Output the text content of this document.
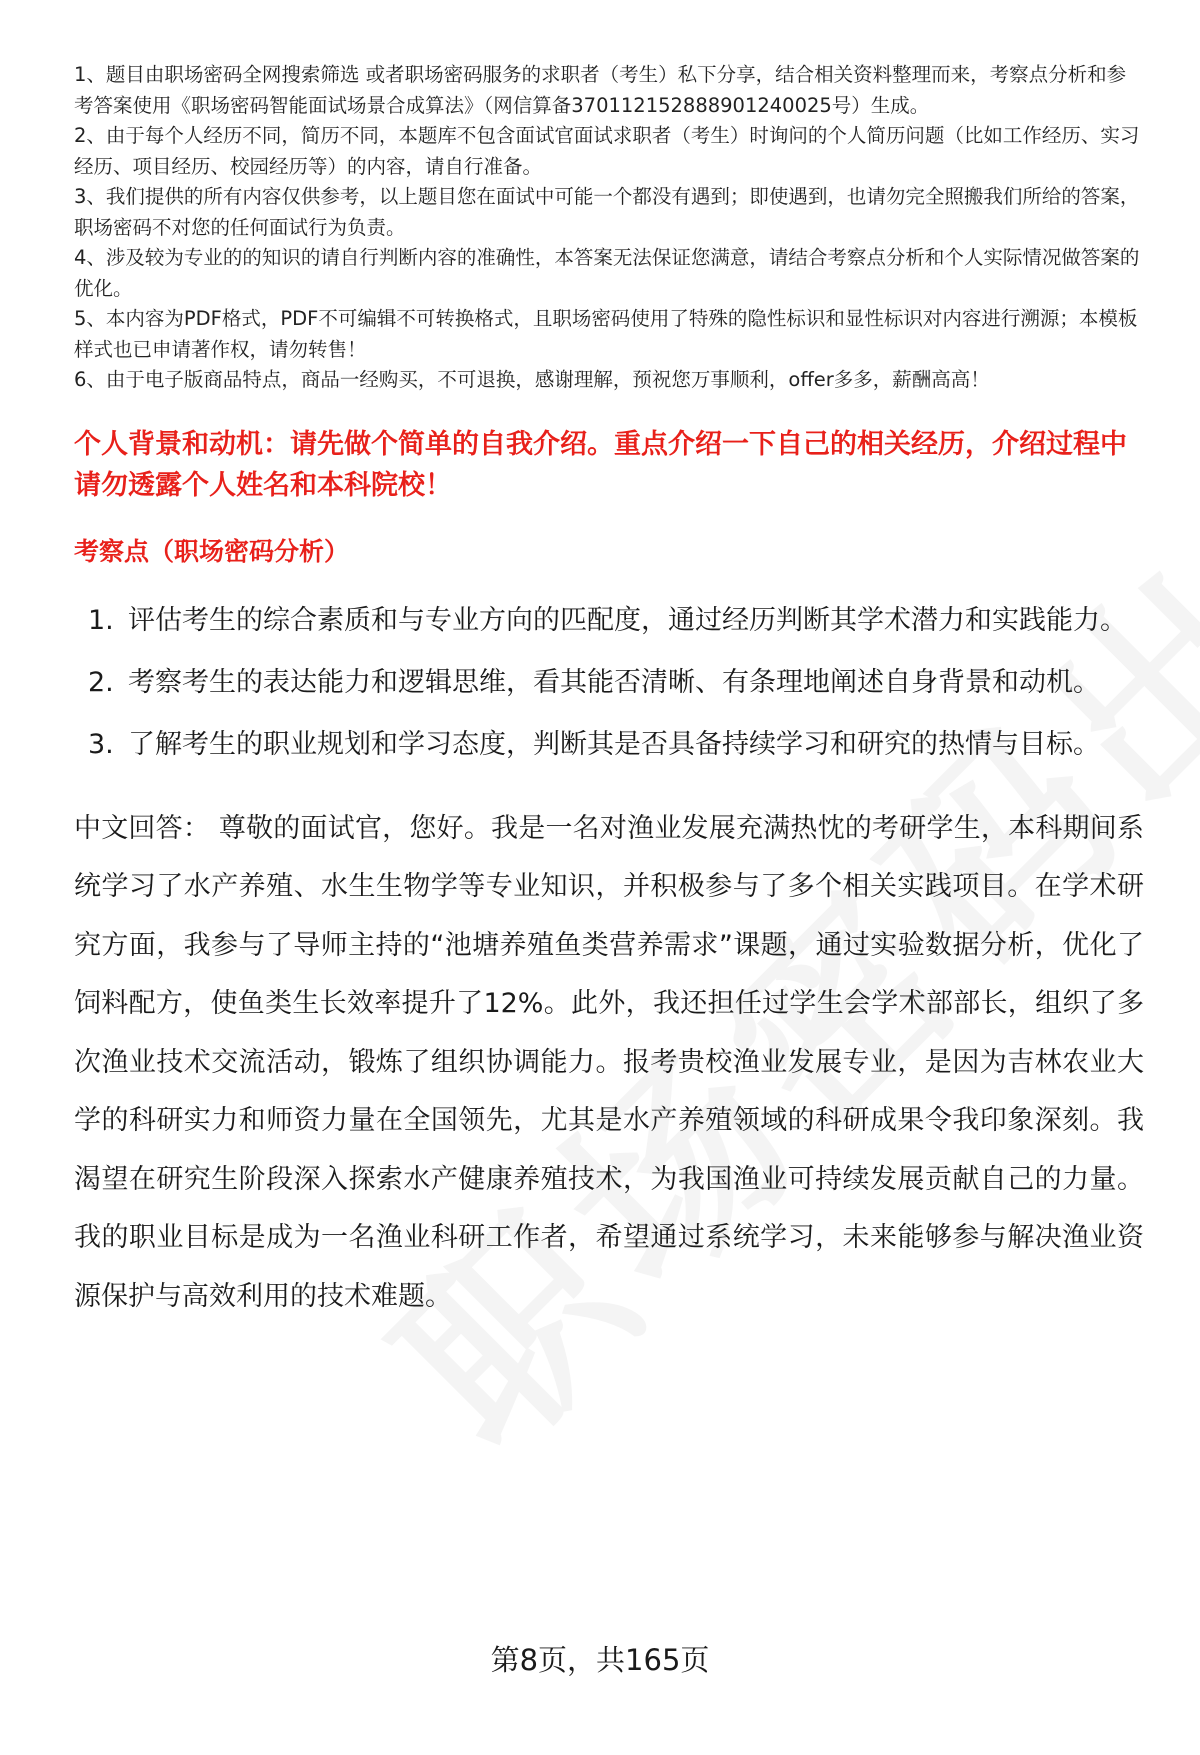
1、题目由职场密码全网搜索筛选 或者职场密码服务的求职者（考生）私下分享，结合相关资料整理而来，考察点分析和参考答案使用《职场密码智能面试场景合成算法》（网信算备370112152888901240025号）生成。

2、由于每个人经历不同，简历不同，本题库不包含面试官面试求职者（考生）时询问的个人简历问题（比如工作经历、实习经历、项目经历、校园经历等）的内容，请自行准备。

3、我们提供的所有内容仅供参考，以上题目您在面试中可能一个都没有遇到；即使遇到，也请勿完全照搬我们所给的答案，职场密码不对您的任何面试行为负责。

4、涉及较为专业的的知识的请自行判断内容的准确性，本答案无法保证您满意，请结合考察点分析和个人实际情况做答案的优化。

5、本内容为PDF格式，PDF不可编辑不可转换格式，且职场密码使用了特殊的隐性标识和显性标识对内容进行溯源；本模板样式也已申请著作权，请勿转售！

6、由于电子版商品特点，商品一经购买，不可退换，感谢理解，预祝您万事顺利，offer多多，薪酬高高！

个人背景和动机：请先做个简单的自我介绍。重点介绍一下自己的相关经历，介绍过程中请勿透露个人姓名和本科院校！
考察点（职场密码分析）
1. 评估考生的综合素质和与专业方向的匹配度，通过经历判断其学术潜力和实践能力。
2. 考察考生的表达能力和逻辑思维，看其能否清晰、有条理地阐述自身背景和动机。
3. 了解考生的职业规划和学习态度，判断其是否具备持续学习和研究的热情与目标。
中文回答： 尊敬的面试官，您好。我是一名对渔业发展充满热忱的考研学生，本科期间系统学习了水产养殖、水生生物学等专业知识，并积极参与了多个相关实践项目。在学术研究方面，我参与了导师主持的“池塘养殖鱼类营养需求”课题，通过实验数据分析，优化了饲料配方，使鱼类生长效率提升了12%。此外，我还担任过学生会学术部部长，组织了多次渔业技术交流活动，锻炼了组织协调能力。报考贵校渔业发展专业，是因为吉林农业大学的科研实力和师资力量在全国领先，尤其是水产养殖领域的科研成果令我印象深刻。我渴望在研究生阶段深入探索水产健康养殖技术，为我国渔业可持续发展贡献自己的力量。我的职业目标是成为一名渔业科研工作者，希望通过系统学习，未来能够参与解决渔业资源保护与高效利用的技术难题。
第8页，共165页
